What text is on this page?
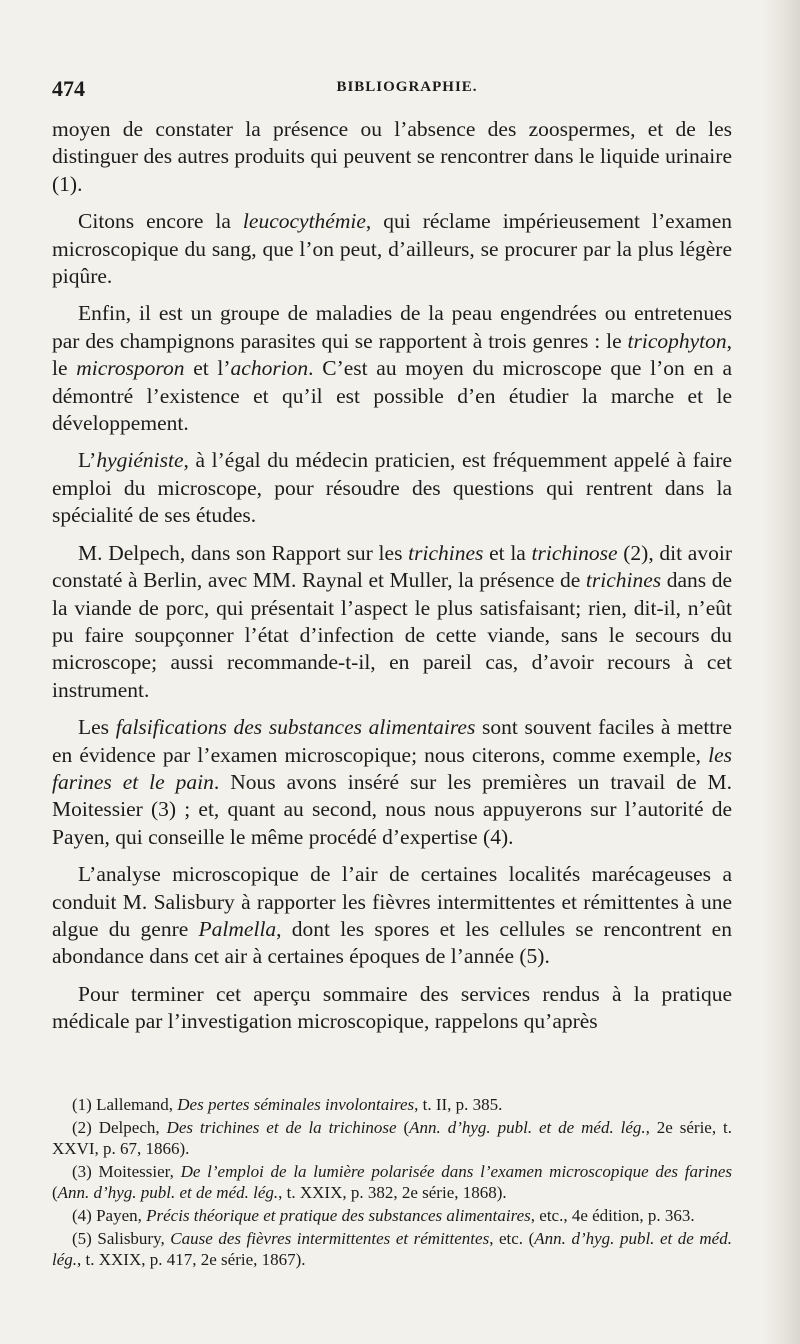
474	BIBLIOGRAPHIE.

moyen de constater la présence ou l’absence des zoospermes, et de les distinguer des autres produits qui peuvent se rencontrer dans le liquide urinaire (1).

Citons encore la leucocythémie, qui réclame impérieusement l’examen microscopique du sang, que l’on peut, d’ailleurs, se procurer par la plus légère piqûre.

Enfin, il est un groupe de maladies de la peau engendrées ou entretenues par des champignons parasites qui se rapportent à trois genres : le tricophyton, le microsporon et l’achorion. C’est au moyen du microscope que l’on en a démontré l’existence et qu’il est possible d’en étudier la marche et le développement.

L’hygiéniste, à l’égal du médecin praticien, est fréquemment appelé à faire emploi du microscope, pour résoudre des questions qui rentrent dans la spécialité de ses études.

M. Delpech, dans son Rapport sur les trichines et la trichinose (2), dit avoir constaté à Berlin, avec MM. Raynal et Muller, la présence de trichines dans de la viande de porc, qui présentait l’aspect le plus satisfaisant; rien, dit-il, n’eût pu faire soupçonner l’état d’infection de cette viande, sans le secours du microscope; aussi recommande-t-il, en pareil cas, d’avoir recours à cet instrument.

Les falsifications des substances alimentaires sont souvent faciles à mettre en évidence par l’examen microscopique; nous citerons, comme exemple, les farines et le pain. Nous avons inséré sur les premières un travail de M. Moitessier (3) ; et, quant au second, nous nous appuyerons sur l’autorité de Payen, qui conseille le même procédé d’expertise (4).

L’analyse microscopique de l’air de certaines localités marécageuses a conduit M. Salisbury à rapporter les fièvres intermittentes et rémittentes à une algue du genre Palmella, dont les spores et les cellules se rencontrent en abondance dans cet air à certaines époques de l’année (5).

Pour terminer cet aperçu sommaire des services rendus à la pratique médicale par l’investigation microscopique, rappelons qu’après

(1) Lallemand, Des pertes séminales involontaires, t. II, p. 385.

(2) Delpech, Des trichines et de la trichinose (Ann. d’hyg. publ. et de méd. lég., 2e série, t. XXVI, p. 67, 1866).

(3) Moitessier, De l’emploi de la lumière polarisée dans l’examen microscopique des farines (Ann. d’hyg. publ. et de méd. lég., t. XXIX, p. 382, 2e série, 1868).

(4) Payen, Précis théorique et pratique des substances alimentaires, etc., 4e édition, p. 363.

(5) Salisbury, Cause des fièvres intermittentes et rémittentes, etc. (Ann. d’hyg. publ. et de méd. lég., t. XXIX, p. 417, 2e série, 1867).
